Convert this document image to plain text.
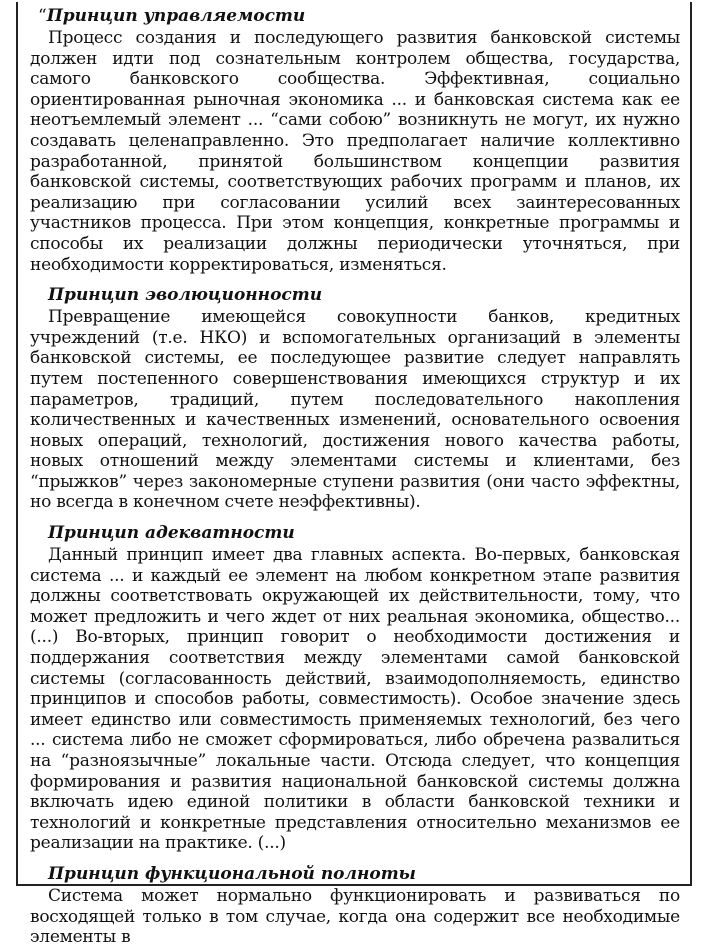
“Принцип управляемости

Процесс создания и последующего развития банковской системы должен идти под сознательным контролем общества, государства, самого банковского сообщества. Эффективная, социально ориентированная рыночная экономика ... и банковская система как ее неотъемлемый элемент ... “сами собою” возникнуть не могут, их нужно создавать целенаправленно. Это предполагает наличие коллективно разработанной, принятой большинством концепции развития банковской системы, соответствующих рабочих программ и планов, их реализацию при согласовании усилий всех заинтересованных участников процесса. При этом концепция, конкретные программы и способы их реализации должны периодически уточняться, при необходимости корректироваться, изменяться.

Принцип эволюционности

Превращение имеющейся совокупности банков, кредитных учреждений (т.е. НКО) и вспомогательных организаций в элементы банковской системы, ее последующее развитие следует направлять путем постепенного совершенствования имеющихся структур и их параметров, традиций, путем последовательного накопления количественных и качественных изменений, основательного освоения новых операций, технологий, достижения нового качества работы, новых отношений между элементами системы и клиентами, без “прыжков” через закономерные ступени развития (они часто эффектны, но всегда в конечном счете неэффективны).

Принцип адекватности

Данный принцип имеет два главных аспекта. Во-первых, банковская система ... и каждый ее элемент на любом конкретном этапе развития должны соответствовать окружающей их действительности, тому, что может предложить и чего ждет от них реальная экономика, общество... (...) Во-вторых, принцип говорит о необходимости достижения и поддержания соответствия между элементами самой банковской системы (согласованность действий, взаимодополняемость, единство принципов и способов работы, совместимость). Особое значение здесь имеет единство или совместимость применяемых технологий, без чего ... система либо не сможет сформироваться, либо обречена развалиться на “разноязычные” локальные части. Отсюда следует, что концепция формирования и развития национальной банковской системы должна включать идею единой политики в области банковской техники и технологий и конкретные представления относительно механизмов ее реализации на практике. (...)

Принцип функциональной полноты

Система может нормально функционировать и развиваться по восходящей только в том случае, когда она содержит все необходимые элементы в
